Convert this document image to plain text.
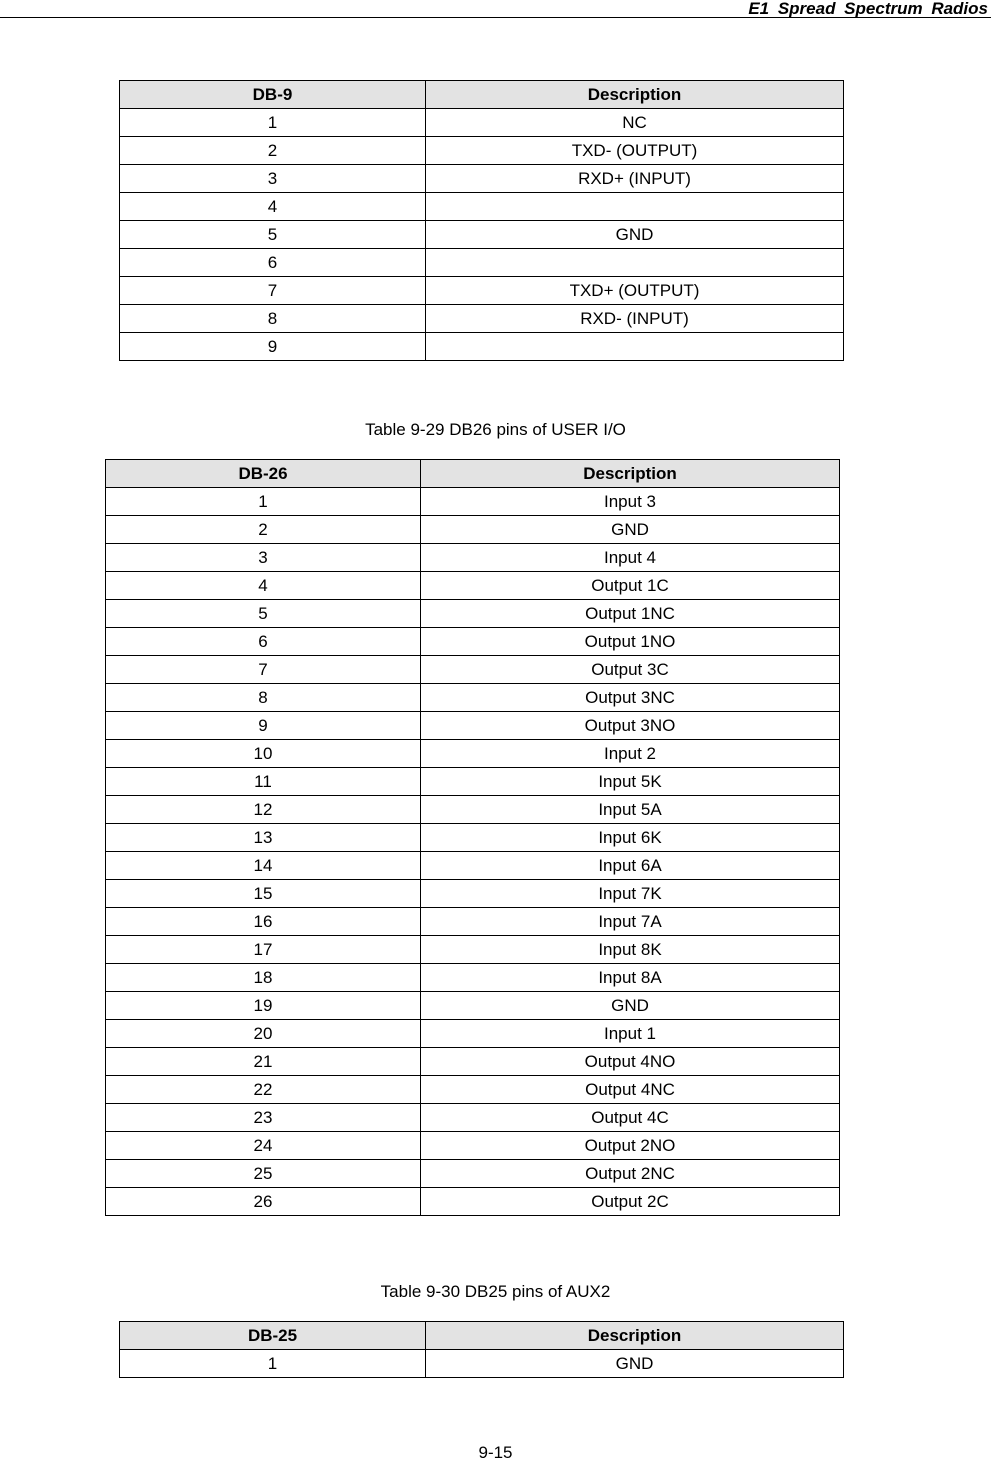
E1 Spread Spectrum Radios
DB-9	Description
1	NC
2	TXD- (OUTPUT)
3	RXD+ (INPUT)
4	
5	GND
6	
7	TXD+ (OUTPUT)
8	RXD- (INPUT)
9	
Table 9-29 DB26 pins of USER I/O
DB-26	Description
1	Input 3
2	GND
3	Input 4
4	Output 1C
5	Output 1NC
6	Output 1NO
7	Output 3C
8	Output 3NC
9	Output 3NO
10	Input 2
11	Input 5K
12	Input 5A
13	Input 6K
14	Input 6A
15	Input 7K
16	Input 7A
17	Input 8K
18	Input 8A
19	GND
20	Input 1
21	Output 4NO
22	Output 4NC
23	Output 4C
24	Output 2NO
25	Output 2NC
26	Output 2C
Table 9-30 DB25 pins of AUX2
DB-25	Description
1	GND
9-15
